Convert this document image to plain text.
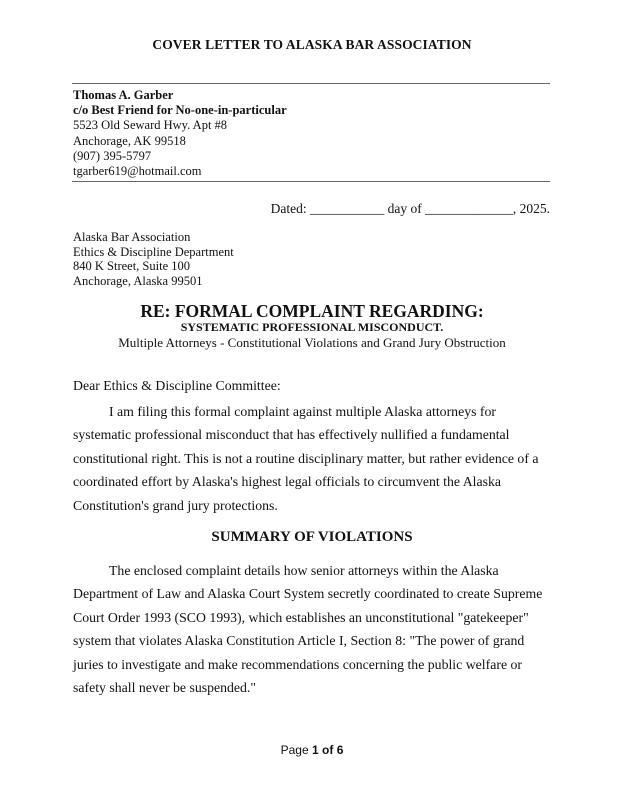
COVER LETTER TO ALASKA BAR ASSOCIATION
Thomas A. Garber
c/o Best Friend for No-one-in-particular
5523 Old Seward Hwy. Apt #8
Anchorage, AK 99518
(907) 395-5797
tgarber619@hotmail.com
Dated: ___________ day of _____________, 2025.
Alaska Bar Association
Ethics & Discipline Department
840 K Street, Suite 100
Anchorage, Alaska 99501
RE: FORMAL COMPLAINT REGARDING:
SYSTEMATIC PROFESSIONAL MISCONDUCT.
Multiple Attorneys - Constitutional Violations and Grand Jury Obstruction
Dear Ethics & Discipline Committee:
I am filing this formal complaint against multiple Alaska attorneys for systematic professional misconduct that has effectively nullified a fundamental constitutional right. This is not a routine disciplinary matter, but rather evidence of a coordinated effort by Alaska's highest legal officials to circumvent the Alaska Constitution's grand jury protections.
SUMMARY OF VIOLATIONS
The enclosed complaint details how senior attorneys within the Alaska Department of Law and Alaska Court System secretly coordinated to create Supreme Court Order 1993 (SCO 1993), which establishes an unconstitutional "gatekeeper" system that violates Alaska Constitution Article I, Section 8: "The power of grand juries to investigate and make recommendations concerning the public welfare or safety shall never be suspended."
Page 1 of 6
